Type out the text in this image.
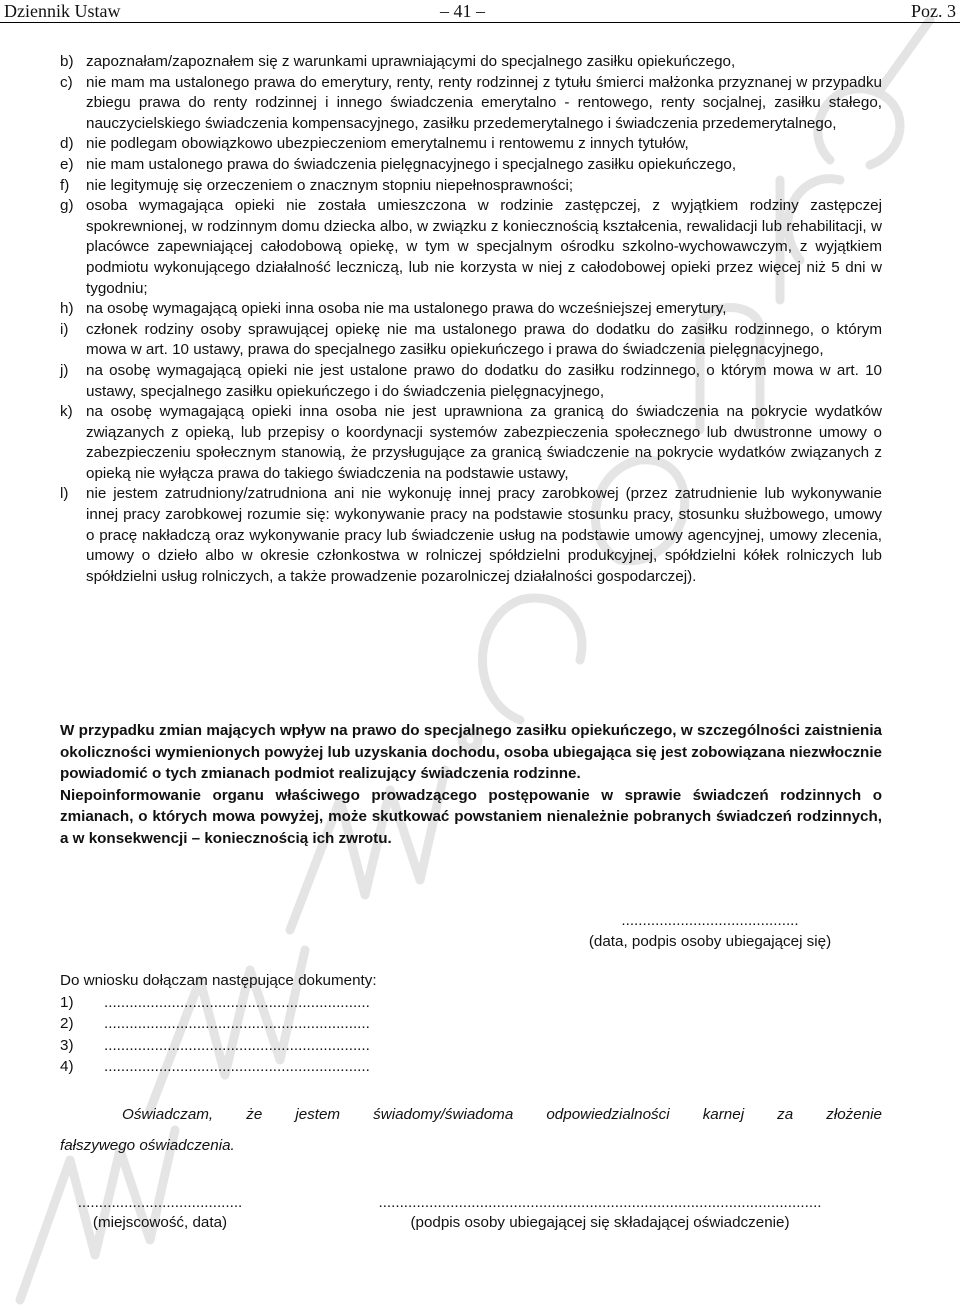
Dziennik Ustaw	– 41 –	Poz. 3
b) zapoznałam/zapoznałem się z warunkami uprawniającymi do specjalnego zasiłku opiekuńczego,
c) nie mam ma ustalonego prawa do emerytury, renty, renty rodzinnej z tytułu śmierci małżonka przyznanej w przypadku zbiegu prawa do renty rodzinnej i innego świadczenia emerytalno - rentowego, renty socjalnej, zasiłku stałego, nauczycielskiego świadczenia kompensacyjnego, zasiłku przedemerytalnego i świadczenia przedemerytalnego,
d) nie podlegam obowiązkowo ubezpieczeniom emerytalnemu i rentowemu z innych tytułów,
e) nie mam ustalonego prawa do świadczenia pielęgnacyjnego i specjalnego zasiłku opiekuńczego,
f) nie legitymuję się orzeczeniem o znacznym stopniu niepełnosprawności;
g) osoba wymagająca opieki nie została umieszczona w rodzinie zastępczej, z wyjątkiem rodziny zastępczej spokrewnionej, w rodzinnym domu dziecka albo, w związku z koniecznością kształcenia, rewalidacji lub rehabilitacji, w placówce zapewniającej całodobową opiekę, w tym w specjalnym ośrodku szkolno-wychowawczym, z wyjątkiem podmiotu wykonującego działalność leczniczą, lub nie korzysta w niej z całodobowej opieki przez więcej niż 5 dni w tygodniu;
h) na osobę wymagającą opieki inna osoba nie ma ustalonego prawa do wcześniejszej emerytury,
i) członek rodziny osoby sprawującej opiekę nie ma ustalonego prawa do dodatku do zasiłku rodzinnego, o którym mowa w art. 10 ustawy, prawa do specjalnego zasiłku opiekuńczego i prawa do świadczenia pielęgnacyjnego,
j) na osobę wymagającą opieki nie jest ustalone prawo do dodatku do zasiłku rodzinnego, o którym mowa w art. 10 ustawy, specjalnego zasiłku opiekuńczego i do świadczenia pielęgnacyjnego,
k) na osobę wymagającą opieki inna osoba nie jest uprawniona za granicą do świadczenia na pokrycie wydatków związanych z opieką, lub przepisy o koordynacji systemów zabezpieczenia społecznego lub dwustronne umowy o zabezpieczeniu społecznym stanowią, że przysługujące za granicą świadczenie na pokrycie wydatków związanych z opieką nie wyłącza prawa do takiego świadczenia na podstawie ustawy,
l) nie jestem zatrudniony/zatrudniona ani nie wykonuję innej pracy zarobkowej (przez zatrudnienie lub wykonywanie innej pracy zarobkowej rozumie się: wykonywanie pracy na podstawie stosunku pracy, stosunku służbowego, umowy o pracę nakładczą oraz wykonywanie pracy lub świadczenie usług na podstawie umowy agencyjnej, umowy zlecenia, umowy o dzieło albo w okresie członkostwa w rolniczej spółdzielni produkcyjnej, spółdzielni kółek rolniczych lub spółdzielni usług rolniczych, a także prowadzenie pozarolniczej działalności gospodarczej).

W przypadku zmian mających wpływ na prawo do specjalnego zasiłku opiekuńczego, w szczególności zaistnienia okoliczności wymienionych powyżej lub uzyskania dochodu, osoba ubiegająca się jest zobowiązana niezwłocznie powiadomić o tych zmianach podmiot realizujący świadczenia rodzinne.

Niepoinformowanie organu właściwego prowadzącego postępowanie w sprawie świadczeń rodzinnych o zmianach, o których mowa powyżej, może skutkować powstaniem nienależnie pobranych świadczeń rodzinnych, a w konsekwencji – koniecznością ich zwrotu.

..........................................
(data, podpis osoby ubiegającej się)
Do wniosku dołączam następujące dokumenty:
1)	...............................................................
2)	...............................................................
3)	...............................................................
4)	...............................................................
Oświadczam, że jestem świadomy/świadoma odpowiedzialności karnej za złożenie
fałszywego oświadczenia.
.......................................
(miejscowość, data)
.........................................................................................................
(podpis osoby ubiegającej się składającej oświadczenie)
